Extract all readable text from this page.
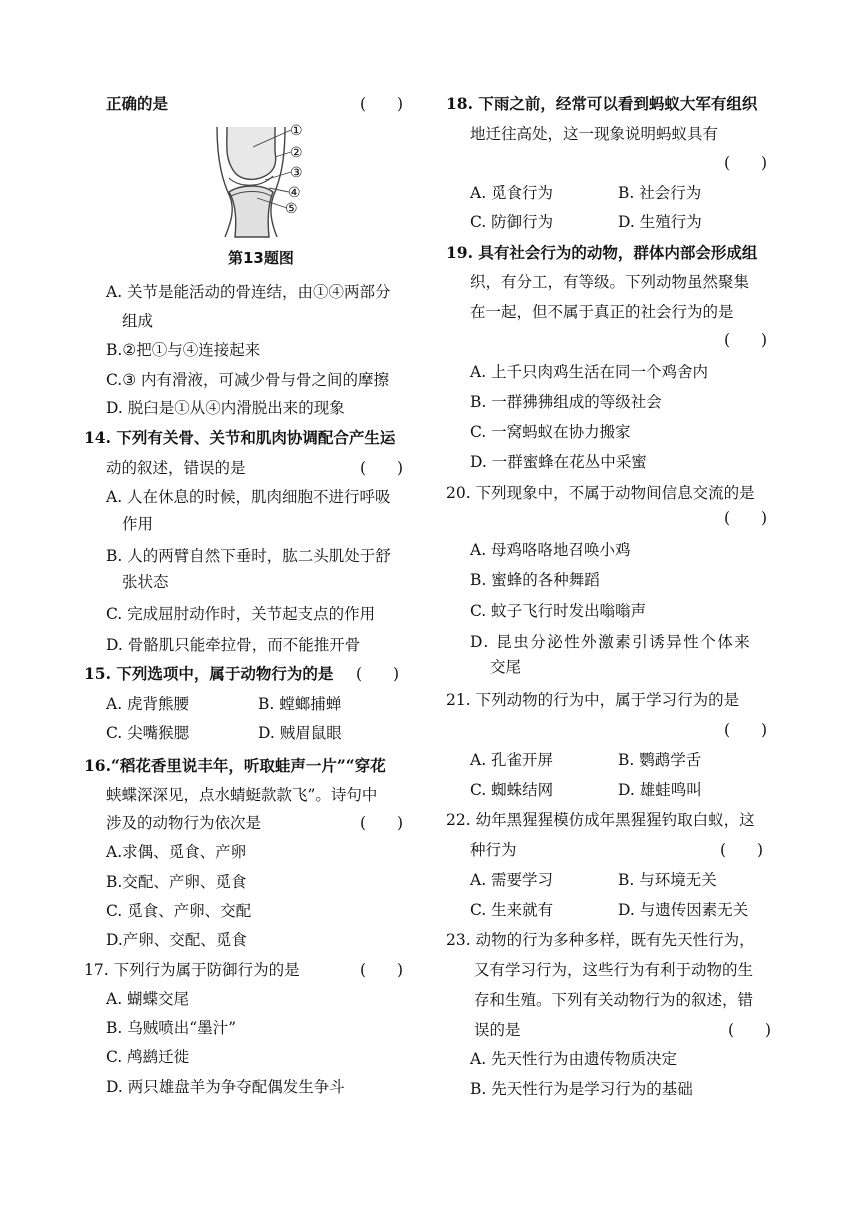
正确的是	(　　)
①
②
③
④
⑤
第13题图
A. 关节是能活动的骨连结，由①④两部分
组成
B.②把①与④连接起来
C.③ 内有滑液，可减少骨与骨之间的摩擦
D. 脱臼是①从④内滑脱出来的现象
14. 下列有关骨、关节和肌肉协调配合产生运
动的叙述，错误的是	(　　)
A. 人在休息的时候，肌肉细胞不进行呼吸
作用
B. 人的两臂自然下垂时，肱二头肌处于舒
张状态
C. 完成屈肘动作时，关节起支点的作用
D. 骨骼肌只能牵拉骨，而不能推开骨
15. 下列选项中，属于动物行为的是 (　　)
A. 虎背熊腰	B. 螳螂捕蝉
C. 尖嘴猴腮	D. 贼眉鼠眼
16.“稻花香里说丰年，听取蛙声一片”“穿花
蛱蝶深深见，点水蜻蜓款款飞”。诗句中
涉及的动物行为依次是	(　　)
A.求偶、觅食、产卵
B.交配、产卵、觅食
C. 觅食、产卵、交配
D.产卵、交配、觅食
17. 下列行为属于防御行为的是	(　　)
A. 蝴蝶交尾
B. 乌贼喷出“墨汁”
C. 鸬鹚迁徙
D. 两只雄盘羊为争夺配偶发生争斗
18. 下雨之前，经常可以看到蚂蚁大军有组织
地迁往高处，这一现象说明蚂蚁具有
(　　)
A. 觅食行为	B. 社会行为
C. 防御行为	D. 生殖行为
19. 具有社会行为的动物，群体内部会形成组
织，有分工，有等级。下列动物虽然聚集
在一起，但不属于真正的社会行为的是
(　　)
A. 上千只肉鸡生活在同一个鸡舍内
B. 一群狒狒组成的等级社会
C. 一窝蚂蚁在协力搬家
D. 一群蜜蜂在花丛中采蜜
20. 下列现象中，不属于动物间信息交流的是
(　　)
A. 母鸡咯咯地召唤小鸡
B. 蜜蜂的各种舞蹈
C. 蚊子飞行时发出嗡嗡声
D. 昆虫分泌性外激素引诱异性个体来
交尾
21. 下列动物的行为中，属于学习行为的是
(　　)
A. 孔雀开屏	B. 鹦鹉学舌
C. 蜘蛛结网	D. 雄蛙鸣叫
22. 幼年黑猩猩模仿成年黑猩猩钓取白蚁，这
种行为	(　　)
A. 需要学习	B. 与环境无关
C. 生来就有	D. 与遗传因素无关
23. 动物的行为多种多样，既有先天性行为，
又有学习行为，这些行为有利于动物的生
存和生殖。下列有关动物行为的叙述，错
误的是	(　　)
A. 先天性行为由遗传物质决定
B. 先天性行为是学习行为的基础
